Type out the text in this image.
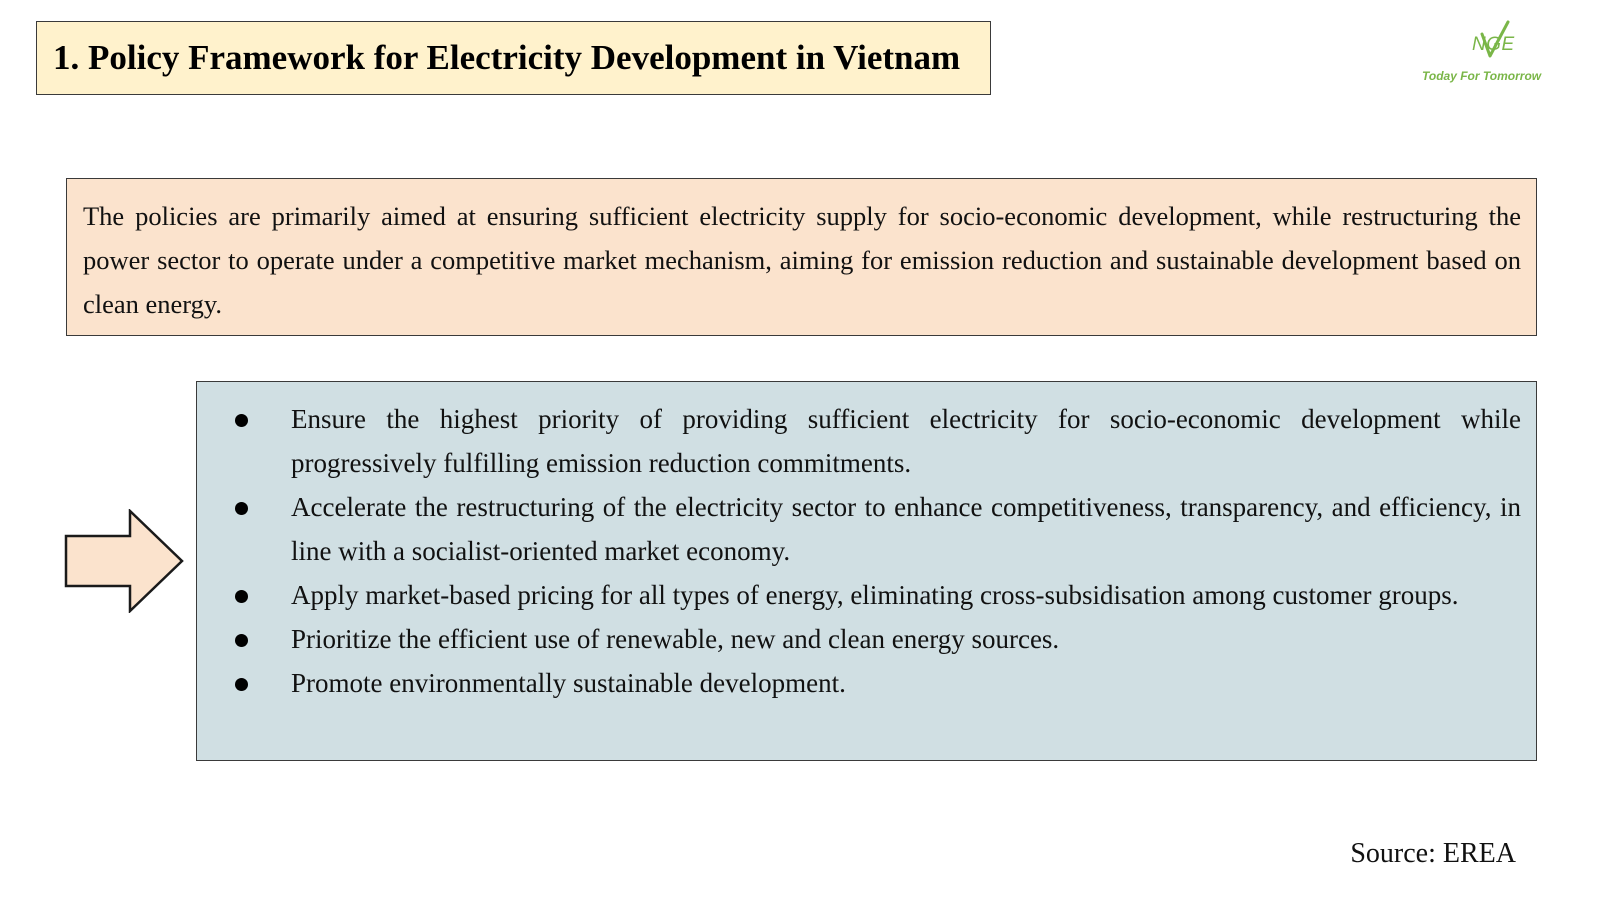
1. Policy Framework for Electricity Development in Vietnam	NGE
Today For Tomorrow

The policies are primarily aimed at ensuring sufficient electricity supply for socio-economic development, while restructuring the power sector to operate under a competitive market mechanism, aiming for emission reduction and sustainable development based on clean energy.

Ensure the highest priority of providing sufficient electricity for socio-economic development while progressively fulfilling emission reduction commitments.
Accelerate the restructuring of the electricity sector to enhance competitiveness, transparency, and efficiency, in line with a socialist-oriented market economy.
Apply market-based pricing for all types of energy, eliminating cross-subsidisation among customer groups.
Prioritize the efficient use of renewable, new and clean energy sources.
Promote environmentally sustainable development.
Source: EREA
